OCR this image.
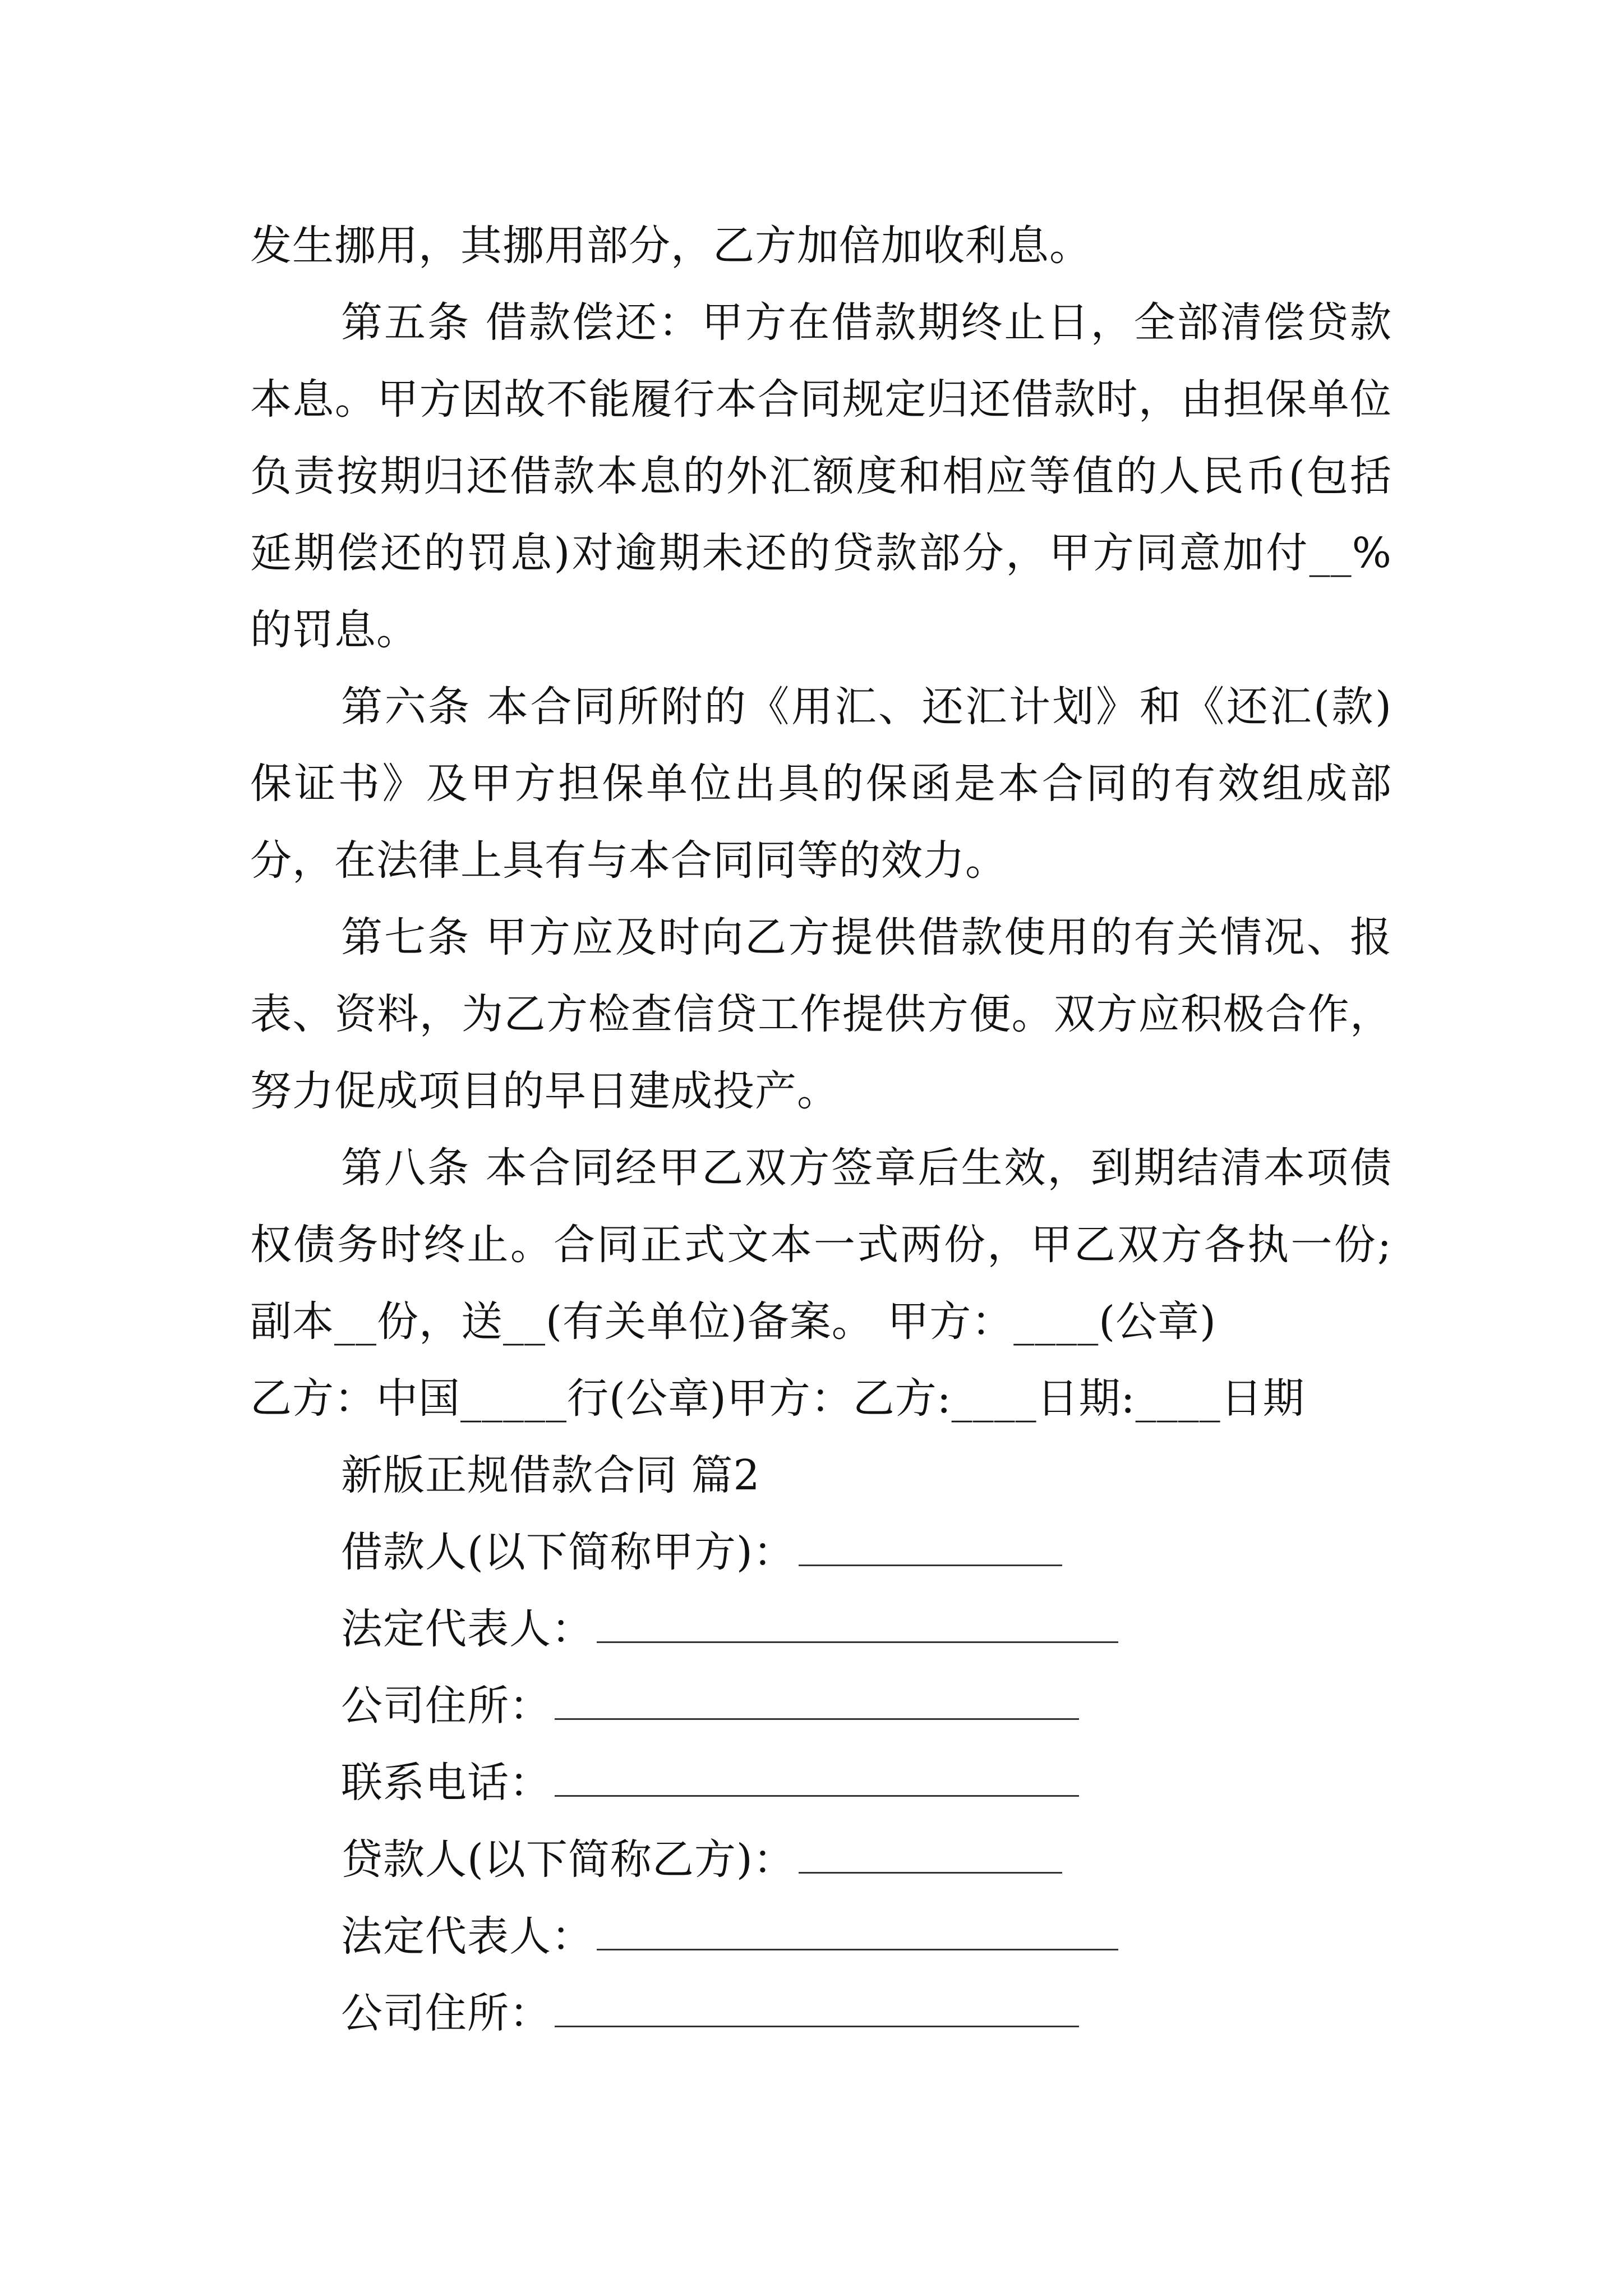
发生挪用，其挪用部分，乙方加倍加收利息。

第五条 借款偿还：甲方在借款期终止日，全部清偿贷款本息。甲方因故不能履行本合同规定归还借款时，由担保单位负责按期归还借款本息的外汇额度和相应等值的人民币(包括延期偿还的罚息)对逾期未还的贷款部分，甲方同意加付__%的罚息。

第六条 本合同所附的《用汇、还汇计划》和《还汇(款)保证书》及甲方担保单位出具的保函是本合同的有效组成部分，在法律上具有与本合同同等的效力。

第七条 甲方应及时向乙方提供借款使用的有关情况、报表、资料，为乙方检查信贷工作提供方便。双方应积极合作，努力促成项目的早日建成投产。

第八条 本合同经甲乙双方签章后生效，到期结清本项债权债务时终止。合同正式文本一式两份，甲乙双方各执一份;副本__份，送__(有关单位)备案。 甲方：____(公章)

乙方：中国_____行(公章)甲方：乙方:____日期:____日期

新版正规借款合同 篇2

借款人(以下简称甲方)：

法定代表人：

公司住所：

联系电话：

贷款人(以下简称乙方)：

法定代表人：

公司住所：
